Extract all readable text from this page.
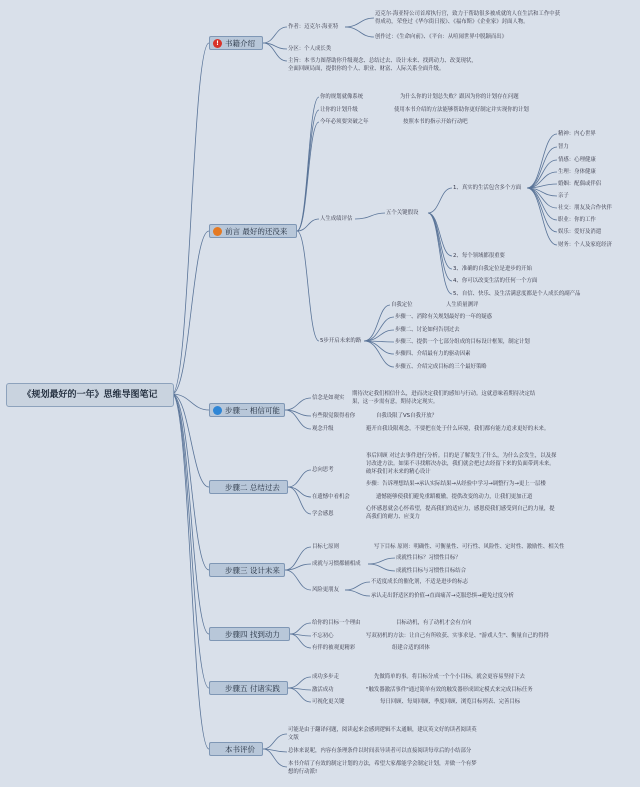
《规划最好的一年》思维导图笔记
! 书籍介绍
前言 最好的还没来
步骤一 相信可能
步骤二 总结过去
步骤三 设计未来
步骤四 找到动力
步骤五 付诸实践
本书评价
作者：迈克尔·海亚特
迈克尔·海亚特公司首席执行官，致力于帮助很多被成就的人在生活和工作中获
得成功，荣登过《华尔街日报》、《福布斯》《企业家》封面人物。
创作过：《生命向前》、《平台：从喧闹世界中脱颖而出》
分区：个人成长类
主旨：本书力图帮助你升级观念、总结过去、设计未来、找到动力、改变现状，
全面回顾局面，提供你的个人、职业、财富、人际关系全面升级。
你的规划就像系统	为什么你的计划总失败？跟因为你的计划存在问题
让你的计划升级	使用本书介绍的方法能够帮助你更好制定并实现你的计划
今年必须要突破之年	按照本书的指示开始行动吧
人生成绩评估
五个关键假设
1、真实的生活包含多个方面
2、每个领域都很重要
3、准确的自我定位是进步的开始
4、你可以改变生活的任何一个方面
5、自信、快乐、及生活满意度都是个人成长的副产品
精神：内心世界
智力
情感：心理健康
生理：身体健康
婚姻：配偶或伴侣
亲子
社交：朋友及合作伙伴
职业：你的工作
娱乐：爱好及消遣
财务：个人及家庭经济
5步开启未来的路
自我定位	人生质量测评
步骤一、消除有关规划最好的一年的疑惑
步骤二、讨论如何告别过去
步骤三、提供一个七部分组成的目标设计框架，制定计划
步骤四、介绍最有力的驱动因素
步骤五、介绍完成目标的三个最好策略
信念是如观实
期待决定我们相信什么，进而决定我们的感知与行动。这就意味着期待决定结
果，这一步需有意，期待决定现实。
有些限觉限得看你	自我设限了VS自我开放？
观念升级	避开自我设限观念，不要把在处于什么环境，我们都有能力追求更好的未来。
总向思考
事后回顾 对过去事件进行分析。目的是了解发生了什么，为什么会发生，以及探
讨改进方法。如果不寻找解决办法，我们就会把过去经留下来的负面带到未来。
破坏我们对未来的精心设计
步骤：告诉理想结果→承认实际结果→从经验中学习→调整行为→更上一层楼
在遗憾中看机会	遗憾能够使我们避免重蹈覆辙，提供改变的动力，让我们更加正道
学会感恩
心怀感恩就会心怀希望，提高我们的适应力，感恩使我们感受到自己的力量，提
高我们的耐力、应变力
目标七原则	写下目标 原则：明确性、可衡量性、可行性、风险性、定时性、激励性、相关性
成就与习惯都辅相成
成就性目标？习惯性目标？
成就性目标与习惯性目标结合
风险更朋友
不适度成长的催化剂，不适是进步的标志
承认走出舒适区的价值→直面痛苦→克服恐惧→避免过度分析
给你的目标一个理由	目标动机，有了动机才会有方向
不忘初心	写双初机的方法：让自己有所收获、实事求是、"游戏人生"、衡量自己的得得
有伴的被观更精彩	组建合适的团体
成功多步走	先做简单的事。将目标分成一个个小目标，就会更容易坚持下去
激活成功	"触发器激活事件"通过简单有效的触发器形成固定模式来完成目标任务
可视化更关键	每日回顾、每周回顾、季度回顾、浏览目标列表、完善目标
可能是由于翻译问题，阅读起来会感到逻辑不太通顺，建议英文好的读者阅读英
文版
总体来说呢，内容有条理条件以时间表导读者可以直接阅读每章后的小结部分
本书介绍了有效的制定计划的方法，希望大家都能学会制定计划，并做一个有梦
想的行动派!
